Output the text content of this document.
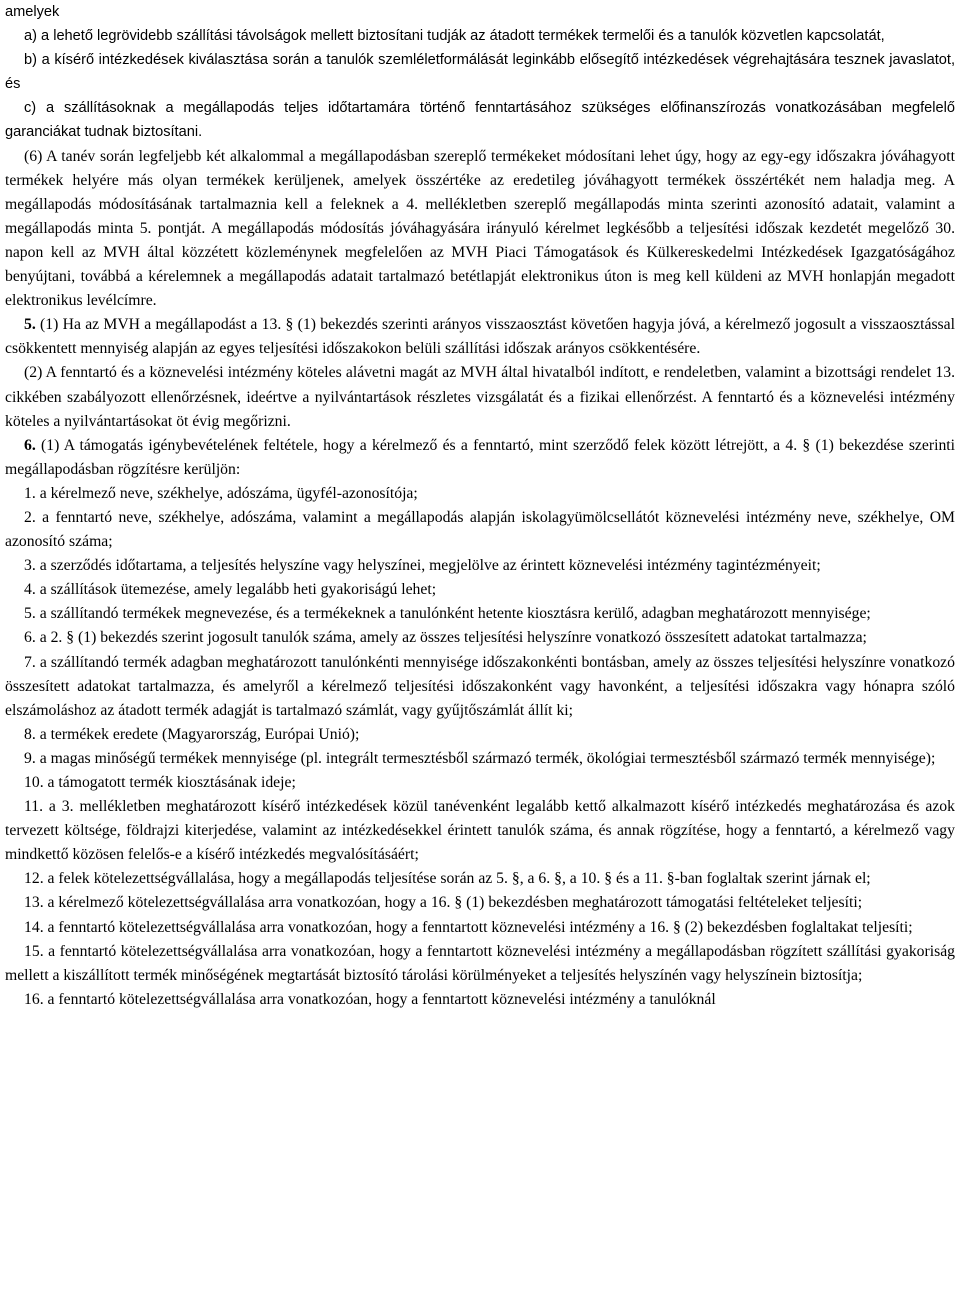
amelyek

a) a lehető legrövidebb szállítási távolságok mellett biztosítani tudják az átadott termékek termelői és a tanulók közvetlen kapcsolatát,

b) a kísérő intézkedések kiválasztása során a tanulók szemléletformálását leginkább elősegítő intézkedések végrehajtására tesznek javaslatot, és

c) a szállításoknak a megállapodás teljes időtartamára történő fenntartásához szükséges előfinanszírozás vonatkozásában megfelelő garanciákat tudnak biztosítani.

(6) A tanév során legfeljebb két alkalommal a megállapodásban szereplő termékeket módosítani lehet úgy, hogy az egy-egy időszakra jóváhagyott termékek helyére más olyan termékek kerüljenek, amelyek összértéke az eredetileg jóváhagyott termékek összértékét nem haladja meg. A megállapodás módosításának tartalmaznia kell a feleknek a 4. mellékletben szereplő megállapodás minta szerinti azonosító adatait, valamint a megállapodás minta 5. pontját. A megállapodás módosítás jóváhagyására irányuló kérelmet legkésőbb a teljesítési időszak kezdetét megelőző 30. napon kell az MVH által közzétett közleménynek megfelelően az MVH Piaci Támogatások és Külkereskedelmi Intézkedések Igazgatóságához benyújtani, továbbá a kérelemnek a megállapodás adatait tartalmazó betétlapját elektronikus úton is meg kell küldeni az MVH honlapján megadott elektronikus levélcímre.

5. (1) Ha az MVH a megállapodást a 13. § (1) bekezdés szerinti arányos visszaosztást követően hagyja jóvá, a kérelmező jogosult a visszaosztással csökkentett mennyiség alapján az egyes teljesítési időszakokon belüli szállítási időszak arányos csökkentésére.

(2) A fenntartó és a köznevelési intézmény köteles alávetni magát az MVH által hivatalból indított, e rendeletben, valamint a bizottsági rendelet 13. cikkében szabályozott ellenőrzésnek, ideértve a nyilvántartások részletes vizsgálatát és a fizikai ellenőrzést. A fenntartó és a köznevelési intézmény köteles a nyilvántartásokat öt évig megőrizni.

6. (1) A támogatás igénybevételének feltétele, hogy a kérelmező és a fenntartó, mint szerződő felek között létrejött, a 4. § (1) bekezdése szerinti megállapodásban rögzítésre kerüljön:

1. a kérelmező neve, székhelye, adószáma, ügyfél-azonosítója;

2. a fenntartó neve, székhelye, adószáma, valamint a megállapodás alapján iskolagyümölcsellátót köznevelési intézmény neve, székhelye, OM azonosító száma;

3. a szerződés időtartama, a teljesítés helyszíne vagy helyszínei, megjelölve az érintett köznevelési intézmény tagintézményeit;

4. a szállítások ütemezése, amely legalább heti gyakoriságú lehet;

5. a szállítandó termékek megnevezése, és a termékeknek a tanulónként hetente kiosztásra kerülő, adagban meghatározott mennyisége;

6. a 2. § (1) bekezdés szerint jogosult tanulók száma, amely az összes teljesítési helyszínre vonatkozó összesített adatokat tartalmazza;

7. a szállítandó termék adagban meghatározott tanulónkénti mennyisége időszakonkénti bontásban, amely az összes teljesítési helyszínre vonatkozó összesített adatokat tartalmazza, és amelyről a kérelmező teljesítési időszakonként vagy havonként, a teljesítési időszakra vagy hónapra szóló elszámoláshoz az átadott termék adagját is tartalmazó számlát, vagy gyűjtőszámlát állít ki;

8. a termékek eredete (Magyarország, Európai Unió);

9. a magas minőségű termékek mennyisége (pl. integrált termesztésből származó termék, ökológiai termesztésből származó termék mennyisége);

10. a támogatott termék kiosztásának ideje;

11. a 3. mellékletben meghatározott kísérő intézkedések közül tanévenként legalább kettő alkalmazott kísérő intézkedés meghatározása és azok tervezett költsége, földrajzi kiterjedése, valamint az intézkedésekkel érintett tanulók száma, és annak rögzítése, hogy a fenntartó, a kérelmező vagy mindkettő közösen felelős-e a kísérő intézkedés megvalósításáért;

12. a felek kötelezettségvállalása, hogy a megállapodás teljesítése során az 5. §, a 6. §, a 10. § és a 11. §-ban foglaltak szerint járnak el;

13. a kérelmező kötelezettségvállalása arra vonatkozóan, hogy a 16. § (1) bekezdésben meghatározott támogatási feltételeket teljesíti;

14. a fenntartó kötelezettségvállalása arra vonatkozóan, hogy a fenntartott köznevelési intézmény a 16. § (2) bekezdésben foglaltakat teljesíti;

15. a fenntartó kötelezettségvállalása arra vonatkozóan, hogy a fenntartott köznevelési intézmény a megállapodásban rögzített szállítási gyakoriság mellett a kiszállított termék minőségének megtartását biztosító tárolási körülményeket a teljesítés helyszínén vagy helyszínein biztosítja;

16. a fenntartó kötelezettségvállalása arra vonatkozóan, hogy a fenntartott köznevelési intézmény a tanulóknál
